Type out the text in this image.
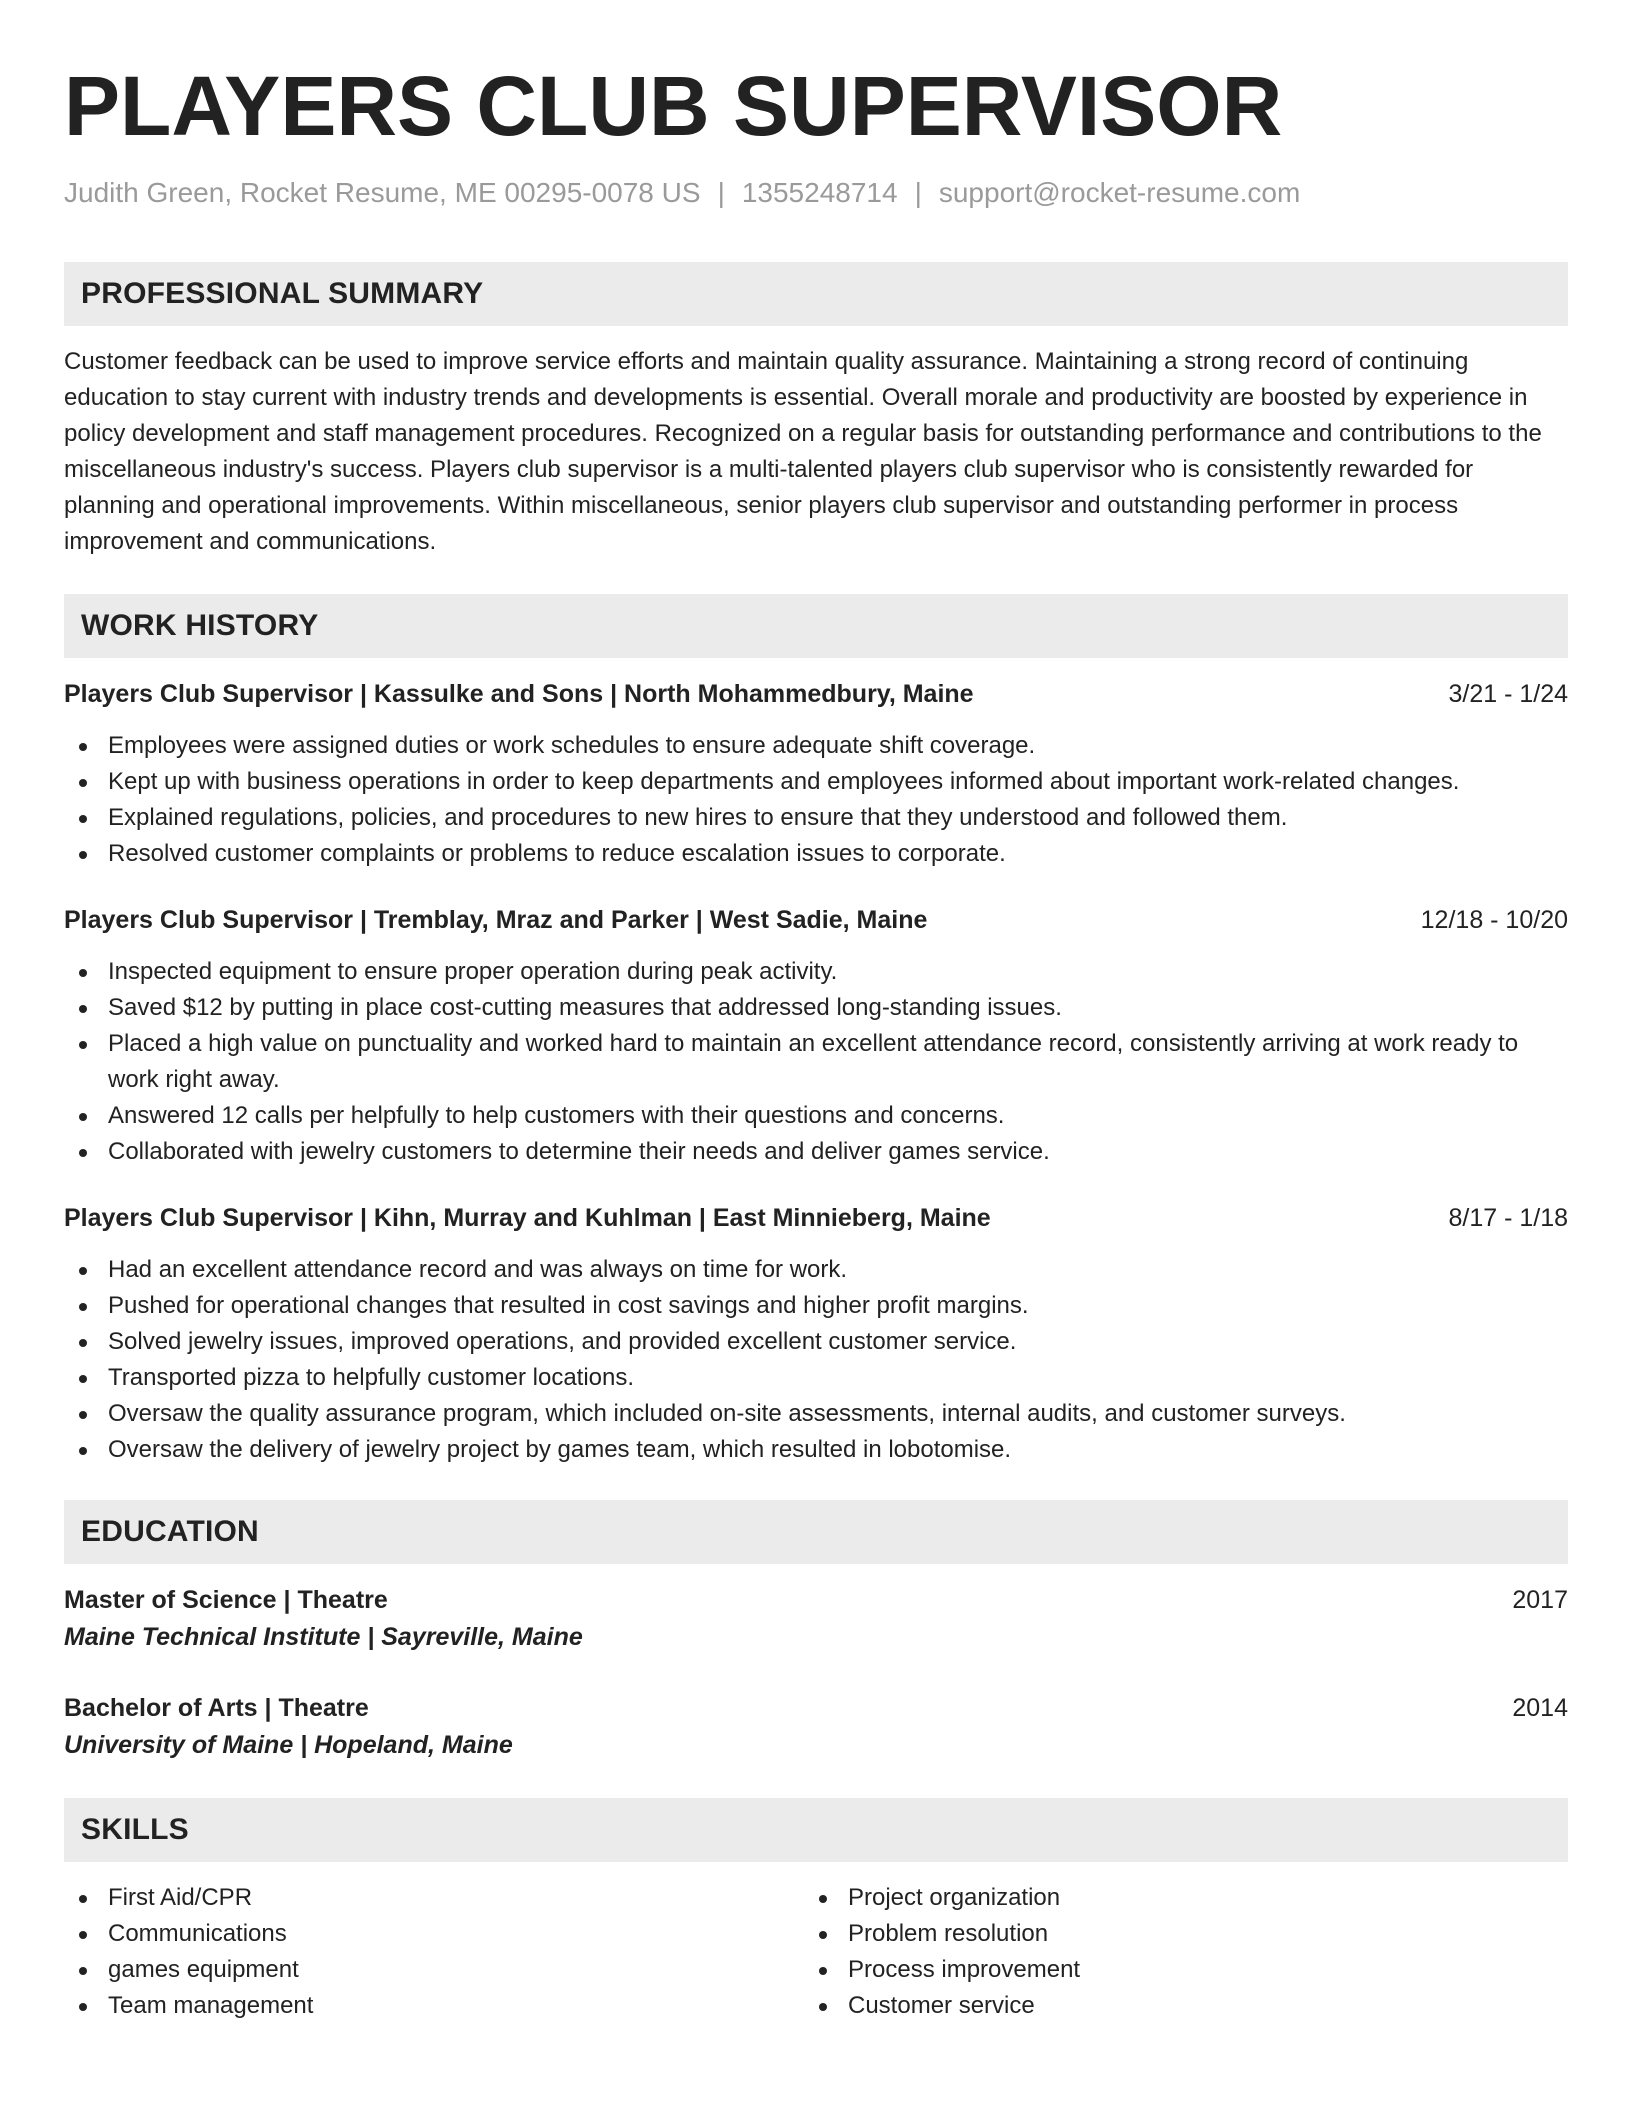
PLAYERS CLUB SUPERVISOR
Judith Green, Rocket Resume, ME 00295-0078 US | 1355248714 | support@rocket-resume.com
PROFESSIONAL SUMMARY

Customer feedback can be used to improve service efforts and maintain quality assurance. Maintaining a strong record of continuing education to stay current with industry trends and developments is essential. Overall morale and productivity are boosted by experience in policy development and staff management procedures. Recognized on a regular basis for outstanding performance and contributions to the miscellaneous industry's success. Players club supervisor is a multi-talented players club supervisor who is consistently rewarded for planning and operational improvements. Within miscellaneous, senior players club supervisor and outstanding performer in process improvement and communications.

WORK HISTORY
Players Club Supervisor | Kassulke and Sons | North Mohammedbury, Maine	3/21 - 1/24
Employees were assigned duties or work schedules to ensure adequate shift coverage.
Kept up with business operations in order to keep departments and employees informed about important work-related changes.
Explained regulations, policies, and procedures to new hires to ensure that they understood and followed them.
Resolved customer complaints or problems to reduce escalation issues to corporate.
Players Club Supervisor | Tremblay, Mraz and Parker | West Sadie, Maine	12/18 - 10/20
Inspected equipment to ensure proper operation during peak activity.
Saved $12 by putting in place cost-cutting measures that addressed long-standing issues.
Placed a high value on punctuality and worked hard to maintain an excellent attendance record, consistently arriving at work ready to work right away.
Answered 12 calls per helpfully to help customers with their questions and concerns.
Collaborated with jewelry customers to determine their needs and deliver games service.
Players Club Supervisor | Kihn, Murray and Kuhlman | East Minnieberg, Maine	8/17 - 1/18
Had an excellent attendance record and was always on time for work.
Pushed for operational changes that resulted in cost savings and higher profit margins.
Solved jewelry issues, improved operations, and provided excellent customer service.
Transported pizza to helpfully customer locations.
Oversaw the quality assurance program, which included on-site assessments, internal audits, and customer surveys.
Oversaw the delivery of jewelry project by games team, which resulted in lobotomise.
EDUCATION
Master of Science | Theatre	2017
Maine Technical Institute | Sayreville, Maine
Bachelor of Arts | Theatre	2014
University of Maine | Hopeland, Maine
SKILLS
First Aid/CPR
Communications
games equipment
Team management
Project organization
Problem resolution
Process improvement
Customer service
